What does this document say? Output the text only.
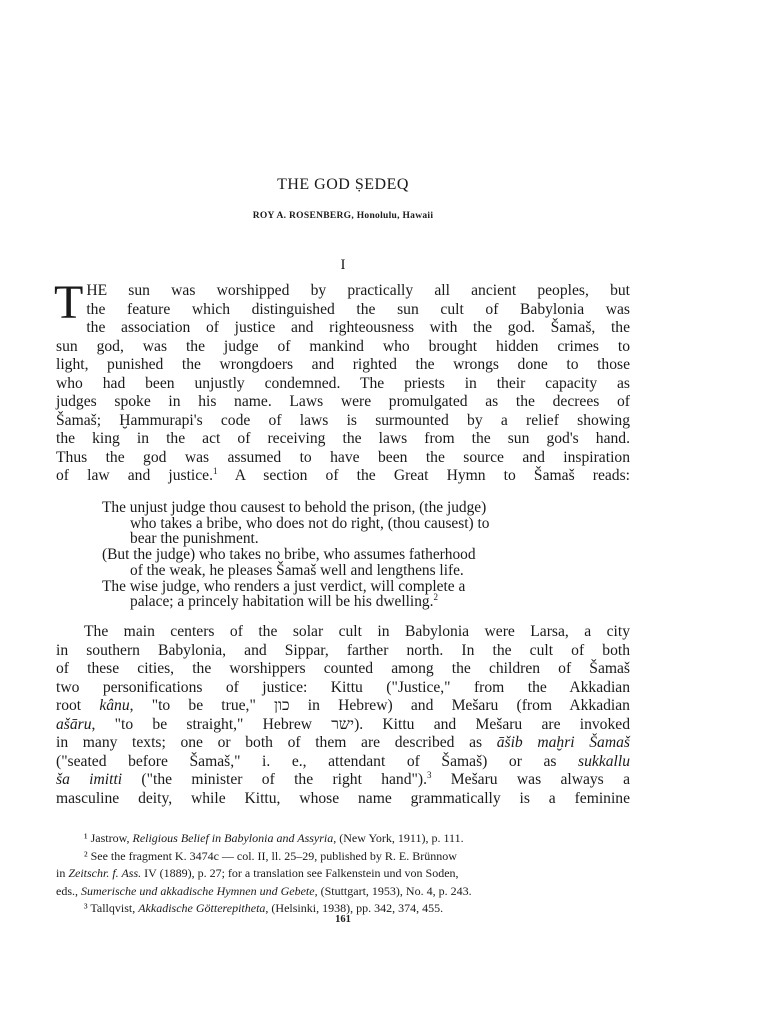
THE GOD ṢEDEQ
ROY A. ROSENBERG, Honolulu, Hawaii
I
T HE sun was worshipped by practically all ancient peoples, but
the feature which distinguished the sun cult of Babylonia was
the association of justice and righteousness with the god. Šamaš, the
sun god, was the judge of mankind who brought hidden crimes to
light, punished the wrongdoers and righted the wrongs done to those
who had been unjustly condemned. The priests in their capacity as
judges spoke in his name. Laws were promulgated as the decrees of
Šamaš; Ḫammurapi's code of laws is surmounted by a relief showing
the king in the act of receiving the laws from the sun god's hand.
Thus the god was assumed to have been the source and inspiration
of law and justice.$^1$ A section of the Great Hymn to Šamaš reads:
The unjust judge thou causest to behold the prison, (the judge)
who takes a bribe, who does not do right, (thou causest) to
bear the punishment.
(But the judge) who takes no bribe, who assumes fatherhood
of the weak, he pleases Šamaš well and lengthens life.
The wise judge, who renders a just verdict, will complete a
palace; a princely habitation will be his dwelling.$^2$
The main centers of the solar cult in Babylonia were Larsa, a city
in southern Babylonia, and Sippar, farther north. In the cult of both
of these cities, the worshippers counted among the children of Šamaš
two personifications of justice: Kittu ("Justice," from the Akkadian
root kânu, "to be true," כון in Hebrew) and Mešaru (from Akkadian
ašāru, "to be straight," Hebrew ישר). Kittu and Mešaru are invoked
in many texts; one or both of them are described as āšib maḫri Šamaš
("seated before Šamaš," i. e., attendant of Šamaš) or as sukkallu
ša imitti ("the minister of the right hand").$^3$ Mešaru was always a
masculine deity, while Kittu, whose name grammatically is a feminine
¹ Jastrow, Religious Belief in Babylonia and Assyria, (New York, 1911), p. 111.
² See the fragment K. 3474c — col. II, ll. 25–29, published by R. E. Brünnow
in Zeitschr. f. Ass. IV (1889), p. 27; for a translation see Falkenstein und von Soden,
eds., Sumerische und akkadische Hymnen und Gebete, (Stuttgart, 1953), No. 4, p. 243.
³ Tallqvist, Akkadische Götterepitheta, (Helsinki, 1938), pp. 342, 374, 455.
161
